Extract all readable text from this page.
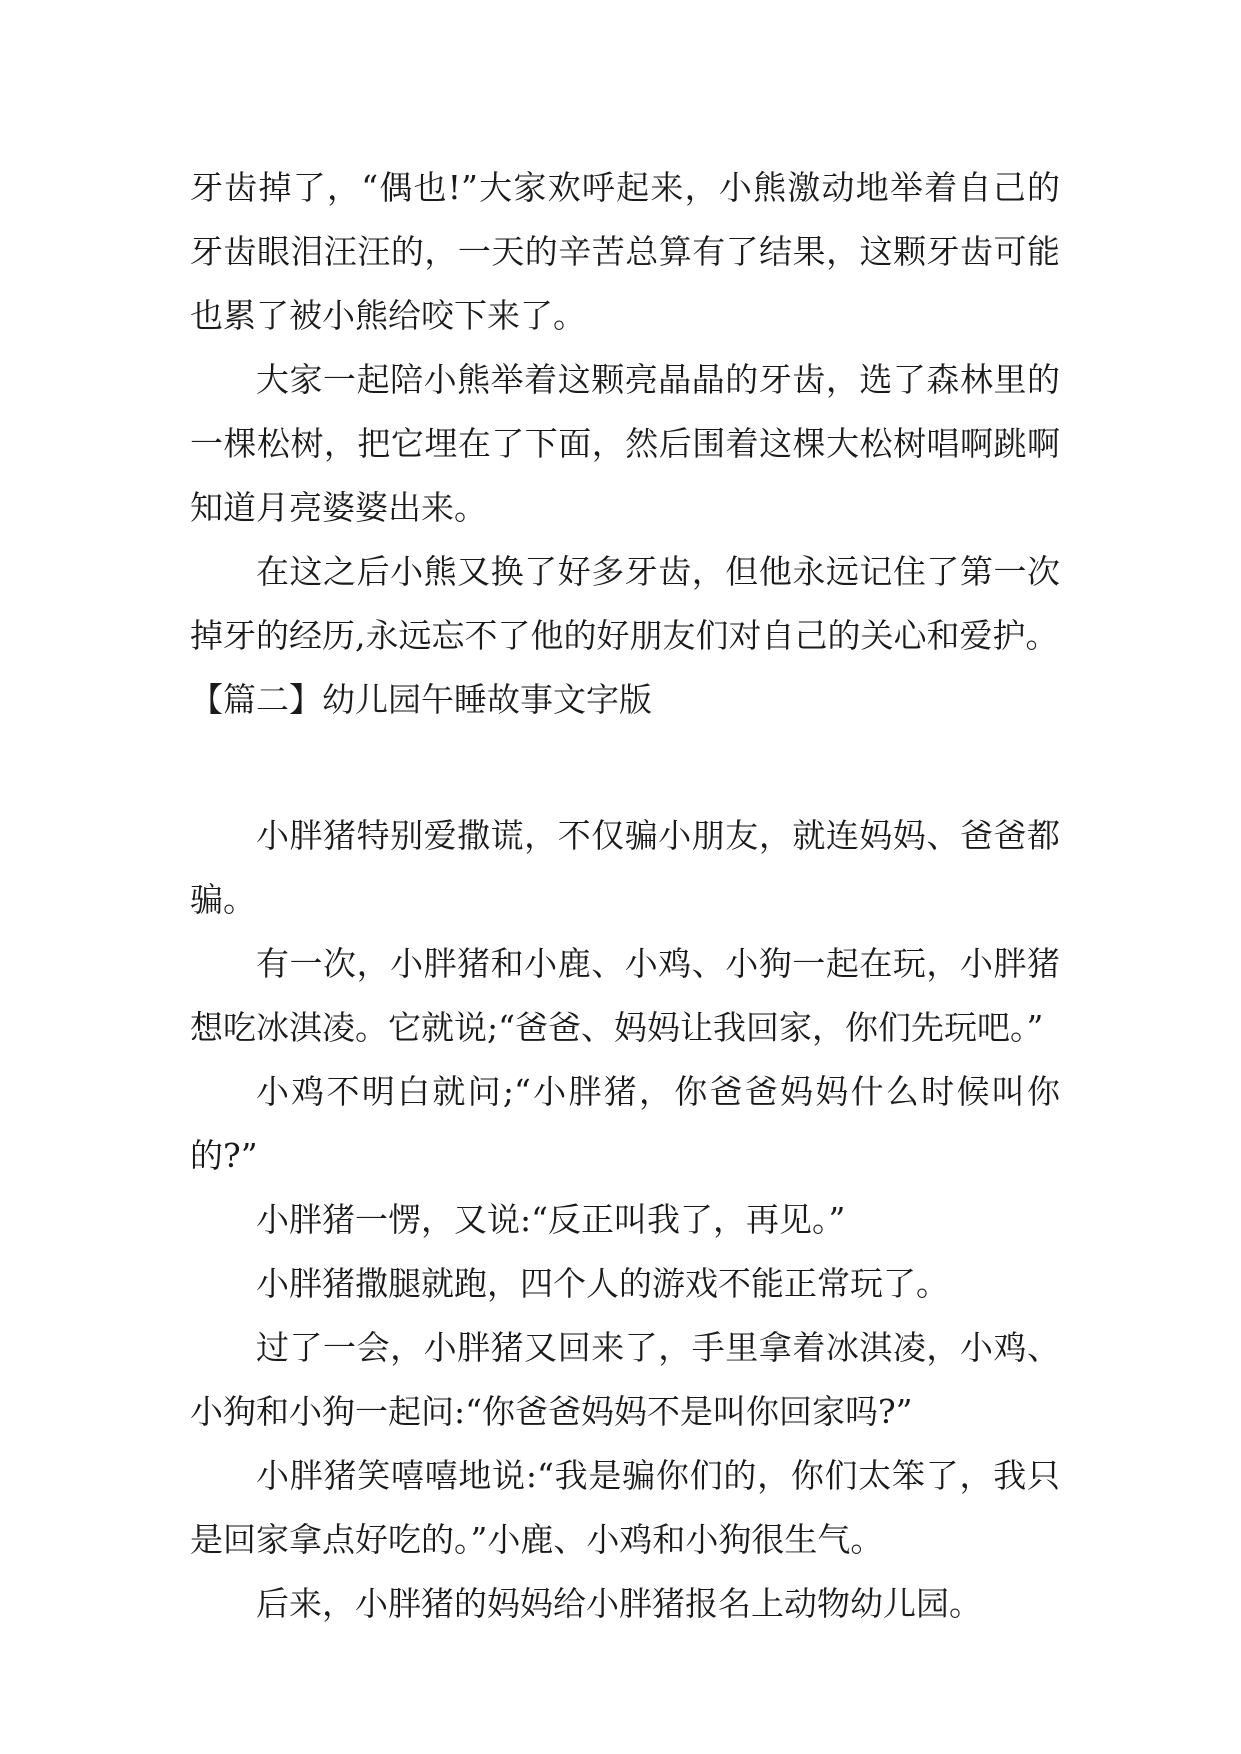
牙齿掉了，“偶也!”大家欢呼起来，小熊激动地举着自己的牙齿眼泪汪汪的，一天的辛苦总算有了结果，这颗牙齿可能也累了被小熊给咬下来了。

大家一起陪小熊举着这颗亮晶晶的牙齿，选了森林里的一棵松树，把它埋在了下面，然后围着这棵大松树唱啊跳啊知道月亮婆婆出来。

在这之后小熊又换了好多牙齿，但他永远记住了第一次掉牙的经历,永远忘不了他的好朋友们对自己的关心和爱护。

【篇二】幼儿园午睡故事文字版

小胖猪特别爱撒谎，不仅骗小朋友，就连妈妈、爸爸都骗。

有一次，小胖猪和小鹿、小鸡、小狗一起在玩，小胖猪想吃冰淇凌。它就说;“爸爸、妈妈让我回家，你们先玩吧。”

小鸡不明白就问;“小胖猪，你爸爸妈妈什么时候叫你的?”

小胖猪一愣，又说:“反正叫我了，再见。”

小胖猪撒腿就跑，四个人的游戏不能正常玩了。

过了一会，小胖猪又回来了，手里拿着冰淇凌，小鸡、小狗和小狗一起问:“你爸爸妈妈不是叫你回家吗?”

小胖猪笑嘻嘻地说:“我是骗你们的，你们太笨了，我只是回家拿点好吃的。”小鹿、小鸡和小狗很生气。

后来，小胖猪的妈妈给小胖猪报名上动物幼儿园。
